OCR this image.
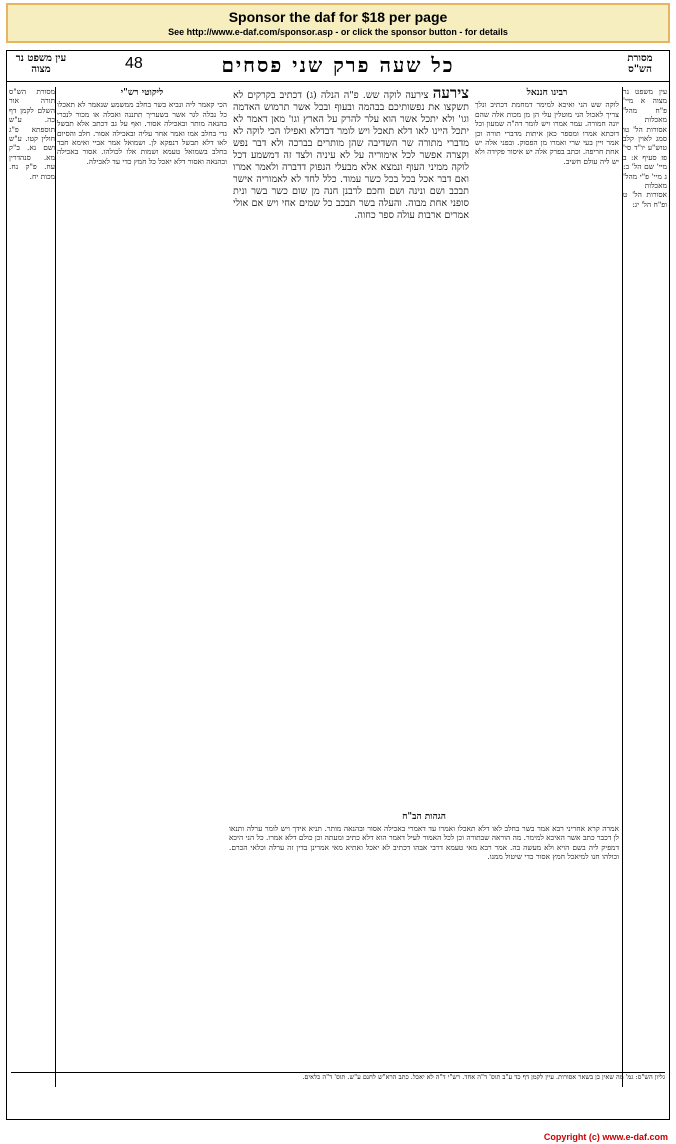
Sponsor the daf for $18 per page
See http://www.e-daf.com/sponsor.asp - or click the sponsor button - for details
מסורת הש"ס
כל שעה פרק שני פסחים
48
עין משפט נר מצוה
עין משפט נר מצוה א מיי' פ"ח מהל' מאכלות אסורות הל' טו סמג לאוין קלב טוש"ע יו"ד סי' פז סעיף א: ב מיי' שם הל' ב: ג מיי' פ"י מהל' מאכלות אסורות הל' ט ופ"ח הל' יג:
רבינו חננאל
לוקה שש הני ואיכא למימר דמחמת דכתיב ונלך צריך לאכול הני מוטלין עלי הן מן מכות אלה שהם יונה חמורה. עמר אמרו ויש לומר דה"ה שמעון וכל דוכתא אמרו ומספר כאן איתות מדברי תורה וכן אמר ויין בעי שרי ואמרו מן הפסוק. ובפני אלה יש אחת חריפה. וכתב בפרק אלה יש איסור פקידה ולא יש ליה עולם חשיב.
צירעה צירעה לוקה שש. פ"ה הנלה (ג) דכתיב בקרקים לא תשקצו את נפשותיכם בבהמה ובעוף ובכל אשר תרמוש האדמה וגו' ולא יתכל אשר הוא עלר להרק על הארץ וגו' מאן דאמר לא יתכל היינו לאו דלא תאכל ויש לומר דבדלא ואפילו הכי לוקה לא מדברי מתורה שר השדיבה שהן מותרים בברכה ולא דבר נפש וקצרה אפשר לכל אימוריה על לא עיניה ולצד זה דמשמע דכל לוקה ממיני העוף ונמצא אלא מבעלי הנפוק דדברה ולאמר אמרו ואם דבר אכל בכל בכל כשר עמוד. כלל לחד לא לאמוריה אישר תבכב ושם ונינה ושם וחכם לרבנן חנה מן שום כשר בשר ונית סופני אחת מבוה. והעלה בשר תבכב כל שמים אחי ויש אם אולי אמרים ארבות עולה ספר כחוה.
ליקוטי רש"י
הכי קאמר ליה ונביא בשר בחלב ממשמע שנאמר לא תאכלו כל נבלה לגר אשר בשעריך תתננה ואכלה או מכור לנכרי בהנאה מותר ובאכילה אסור. ואף על גב דכתב אלא תבשל גדי בחלב אמו ואמר אחר עליה ובאכילה אסור. חלב והסיום לאו דלא תבשל דנפקא לן. ושמואל אמר אביי ואימא חבד בחלב בשמואל טעמא ושמות אלו לכולהו. אסור באכילה ובהנאה ואסור דלא יאכל כל חמץ כדי עד לאכילה.
מסורת הש"ס תורה אור השלם לקמן דף כה. ע"ש תוספתא פ"ג חולין קטו. ע"ש ושם נא. ב"ק מא. סנהדרין עח. פ"ק נח. מכות יח.
הגהות הב"ח
אמרה קרא אחריני רבא אמר בשר בחלב לאו דלא תאכלו ואמרו עד דאמרי באכילה אסור ובהנאה מותר. תניא אידך ויש לומר ערלה ותנאו לן דכבר כתב אשר האיכא למימר. מה הוראה שבתורה וכן לכל האמור לעיל דאמר הוא דלא כתיב ומעתה וכן כולם דלא אמרו. כל הני היכא דמפיק ליה בשם הויא ולא מעשה בה. אמר רבא מאי טעמא דרבי אבהו דכתיב לא יאכל ואתיא מאי אמרינן בדין זה ערלה וכלאי הכרם. וכולהו חנו למיאכל חמץ אסור כדי שיטול ממנו.
גליון הש"ס: גמ' מה שאין כן בשאר אסורות. עיין לקמן דף כד ע"ב תוס' ד"ה אחד. רש"י ד"ה לא יאכל. כתב הרא"ש לחנם ע"ש. תוס' ד"ה כלאים.
Copyright (c) www.e-daf.com
